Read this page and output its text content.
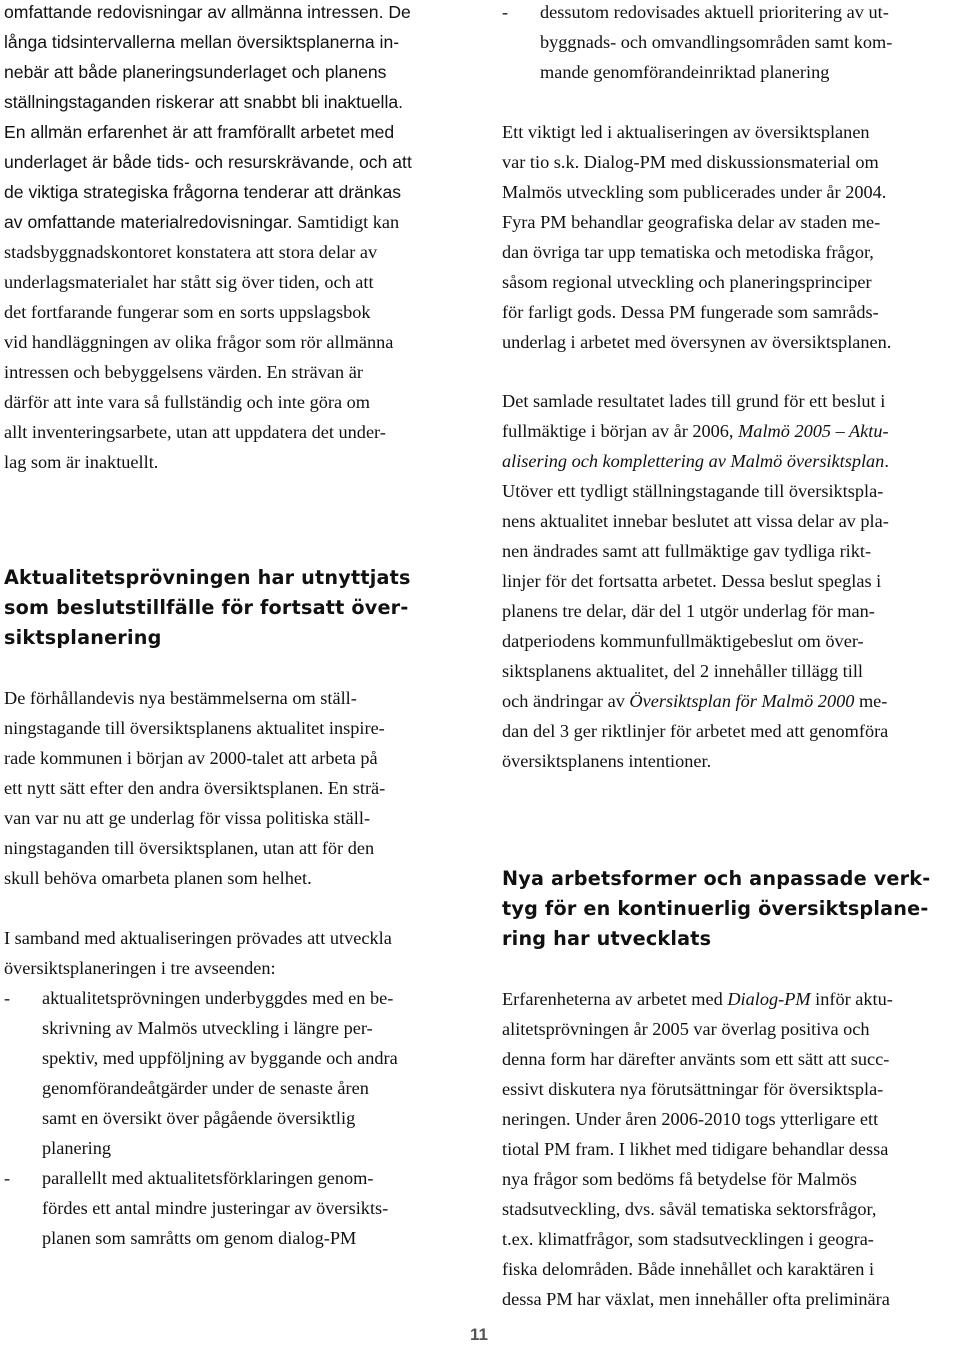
omfattande redovisningar av allmänna intressen. De
långa tidsintervallerna mellan översiktsplanerna in-
nebär att både planeringsunderlaget och planens
ställningstaganden riskerar att snabbt bli inaktuella.
En allmän erfarenhet är att framförallt arbetet med
underlaget är både tids- och resurskrävande, och att
de viktiga strategiska frågorna tenderar att dränkas
av omfattande materialredovisningar. Samtidigt kan
stadsbyggnadskontoret konstatera att stora delar av
underlagsmaterialet har stått sig över tiden, och att
det fortfarande fungerar som en sorts uppslagsbok
vid handläggningen av olika frågor som rör allmänna
intressen och bebyggelsens värden. En strävan är
därför att inte vara så fullständig och inte göra om
allt inventeringsarbete, utan att uppdatera det under-
lag som är inaktuellt.
Aktualitetsprövningen har utnyttjats
som beslutstillfälle för fortsatt över-
siktsplanering
De förhållandevis nya bestämmelserna om ställ-
ningstagande till översiktsplanens aktualitet inspire-
rade kommunen i början av 2000-talet att arbeta på
ett nytt sätt efter den andra översiktsplanen. En strä-
van var nu att ge underlag för vissa politiska ställ-
ningstaganden till översiktsplanen, utan att för den
skull behöva omarbeta planen som helhet.
I samband med aktualiseringen prövades att utveckla
översiktsplaneringen i tre avseenden:
- aktualitetsprövningen underbyggdes med en be-
skrivning av Malmös utveckling i längre per-
spektiv, med uppföljning av byggande och andra
genomförandeåtgärder under de senaste åren
samt en översikt över pågående översiktlig
planering
- parallellt med aktualitetsförklaringen genom-
fördes ett antal mindre justeringar av översikts-
planen som samråtts om genom dialog-PM
- dessutom redovisades aktuell prioritering av ut-
byggnads- och omvandlingsområden samt kom-
mande genomförandeinriktad planering
Ett viktigt led i aktualiseringen av översiktsplanen
var tio s.k. Dialog-PM med diskussionsmaterial om
Malmös utveckling som publicerades under år 2004.
Fyra PM behandlar geografiska delar av staden me-
dan övriga tar upp tematiska och metodiska frågor,
såsom regional utveckling och planeringsprinciper
för farligt gods. Dessa PM fungerade som samråds-
underlag i arbetet med översynen av översiktsplanen.
Det samlade resultatet lades till grund för ett beslut i
fullmäktige i början av år 2006, Malmö 2005 – Aktu-
alisering och komplettering av Malmö översiktsplan.
Utöver ett tydligt ställningstagande till översiktspla-
nens aktualitet innebar beslutet att vissa delar av pla-
nen ändrades samt att fullmäktige gav tydliga rikt-
linjer för det fortsatta arbetet. Dessa beslut speglas i
planens tre delar, där del 1 utgör underlag för man-
datperiodens kommunfullmäktigebeslut om över-
siktsplanens aktualitet, del 2 innehåller tillägg till
och ändringar av Översiktsplan för Malmö 2000 me-
dan del 3 ger riktlinjer för arbetet med att genomföra
översiktsplanens intentioner.
Nya arbetsformer och anpassade verk-
tyg för en kontinuerlig översiktsplane-
ring har utvecklats
Erfarenheterna av arbetet med Dialog-PM inför aktu-
alitetsprövningen år 2005 var överlag positiva och
denna form har därefter använts som ett sätt att succ-
essivt diskutera nya förutsättningar för översiktspla-
neringen. Under åren 2006-2010 togs ytterligare ett
tiotal PM fram. I likhet med tidigare behandlar dessa
nya frågor som bedöms få betydelse för Malmös
stadsutveckling, dvs. såväl tematiska sektorsfrågor,
t.ex. klimatfrågor, som stadsutvecklingen i geogra-
fiska delområden. Både innehållet och karaktären i
dessa PM har växlat, men innehåller ofta preliminära
11
